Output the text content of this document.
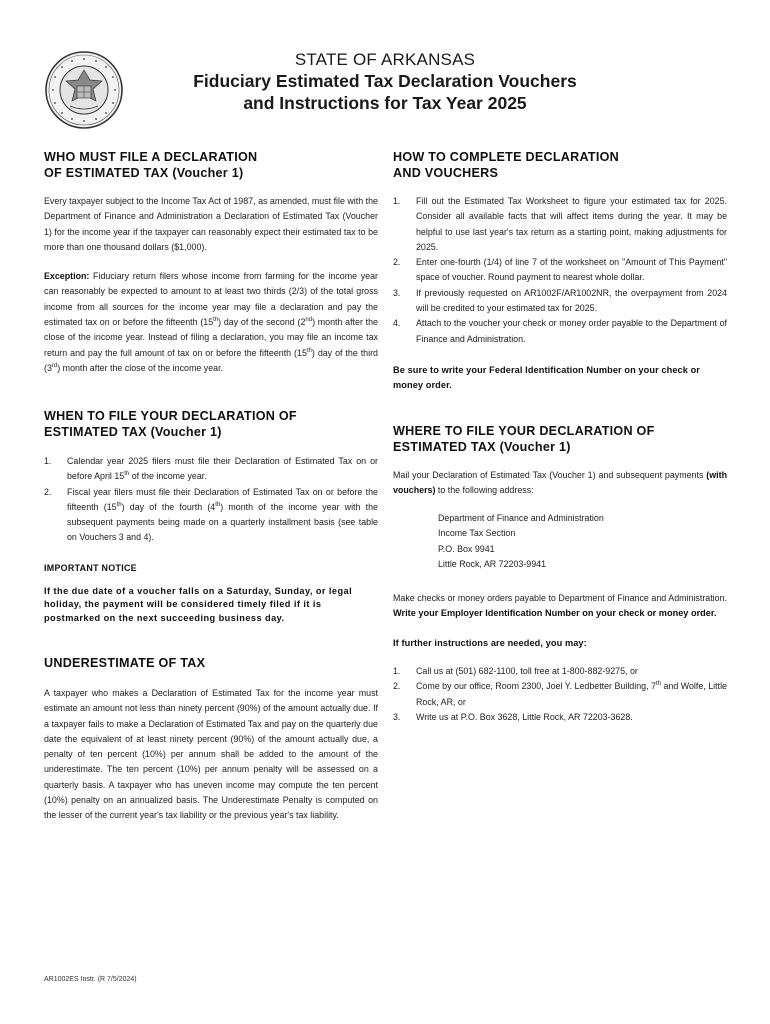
STATE OF ARKANSAS
Fiduciary Estimated Tax Declaration Vouchers
and Instructions for Tax Year 2025
WHO MUST FILE A DECLARATION
OF ESTIMATED TAX (Voucher 1)

Every taxpayer subject to the Income Tax Act of 1987, as amended, must file with the Department of Finance and Administration a Declaration of Estimated Tax (Voucher 1) for the income year if the taxpayer can reasonably expect their estimated tax to be more than one thousand dollars ($1,000).

Exception: Fiduciary return filers whose income from farming for the income year can reasonably be expected to amount to at least two thirds (2/3) of the total gross income from all sources for the income year may file a declaration and pay the estimated tax on or before the fifteenth (15th) day of the second (2nd) month after the close of the income year. Instead of filing a declaration, you may file an income tax return and pay the full amount of tax on or before the fifteenth (15th) day of the third (3rd) month after the close of the income year.

WHEN TO FILE YOUR DECLARATION OF
ESTIMATED TAX (Voucher 1)
1. Calendar year 2025 filers must file their Declaration of Estimated Tax on or before April 15th of the income year.
2. Fiscal year filers must file their Declaration of Estimated Tax on or before the fifteenth (15th) day of the fourth (4th) month of the income year with the subsequent payments being made on a quarterly installment basis (see table on Vouchers 3 and 4).
IMPORTANT NOTICE
If the due date of a voucher falls on a Saturday, Sunday, or legal holiday, the payment will be considered timely filed if it is postmarked on the next succeeding business day.
UNDERESTIMATE OF TAX

A taxpayer who makes a Declaration of Estimated Tax for the income year must estimate an amount not less than ninety percent (90%) of the amount actually due. If a taxpayer fails to make a Declaration of Estimated Tax and pay on the quarterly due date the equivalent of at least ninety percent (90%) of the amount actually due, a penalty of ten percent (10%) per annum shall be added to the amount of the underestimate. The ten percent (10%) per annum penalty will be assessed on a quarterly basis. A taxpayer who has uneven income may compute the ten percent (10%) penalty on an annualized basis. The Underestimate Penalty is computed on the lesser of the current year's tax liability or the previous year's tax liability.

HOW TO COMPLETE DECLARATION
AND VOUCHERS
1. Fill out the Estimated Tax Worksheet to figure your estimated tax for 2025. Consider all available facts that will affect items during the year. It may be helpful to use last year's tax return as a starting point, making adjustments for 2025.
2. Enter one-fourth (1/4) of line 7 of the worksheet on "Amount of This Payment" space of voucher. Round payment to nearest whole dollar.
3. If previously requested on AR1002F/AR1002NR, the overpayment from 2024 will be credited to your estimated tax for 2025.
4. Attach to the voucher your check or money order payable to the Department of Finance and Administration.
Be sure to write your Federal Identification Number on your check or money order.
WHERE TO FILE YOUR DECLARATION OF
ESTIMATED TAX (Voucher 1)

Mail your Declaration of Estimated Tax (Voucher 1) and subsequent payments (with vouchers) to the following address:

Department of Finance and Administration
Income Tax Section
P.O. Box 9941
Little Rock, AR 72203-9941

Make checks or money orders payable to Department of Finance and Administration. Write your Employer Identification Number on your check or money order.

If further instructions are needed, you may:
1. Call us at (501) 682-1100, toll free at 1-800-882-9275, or
2. Come by our office, Room 2300, Joel Y. Ledbetter Building, 7th and Wolfe, Little Rock, AR, or
3. Write us at P.O. Box 3628, Little Rock, AR 72203-3628.
AR1002ES Instr. (R 7/5/2024)
